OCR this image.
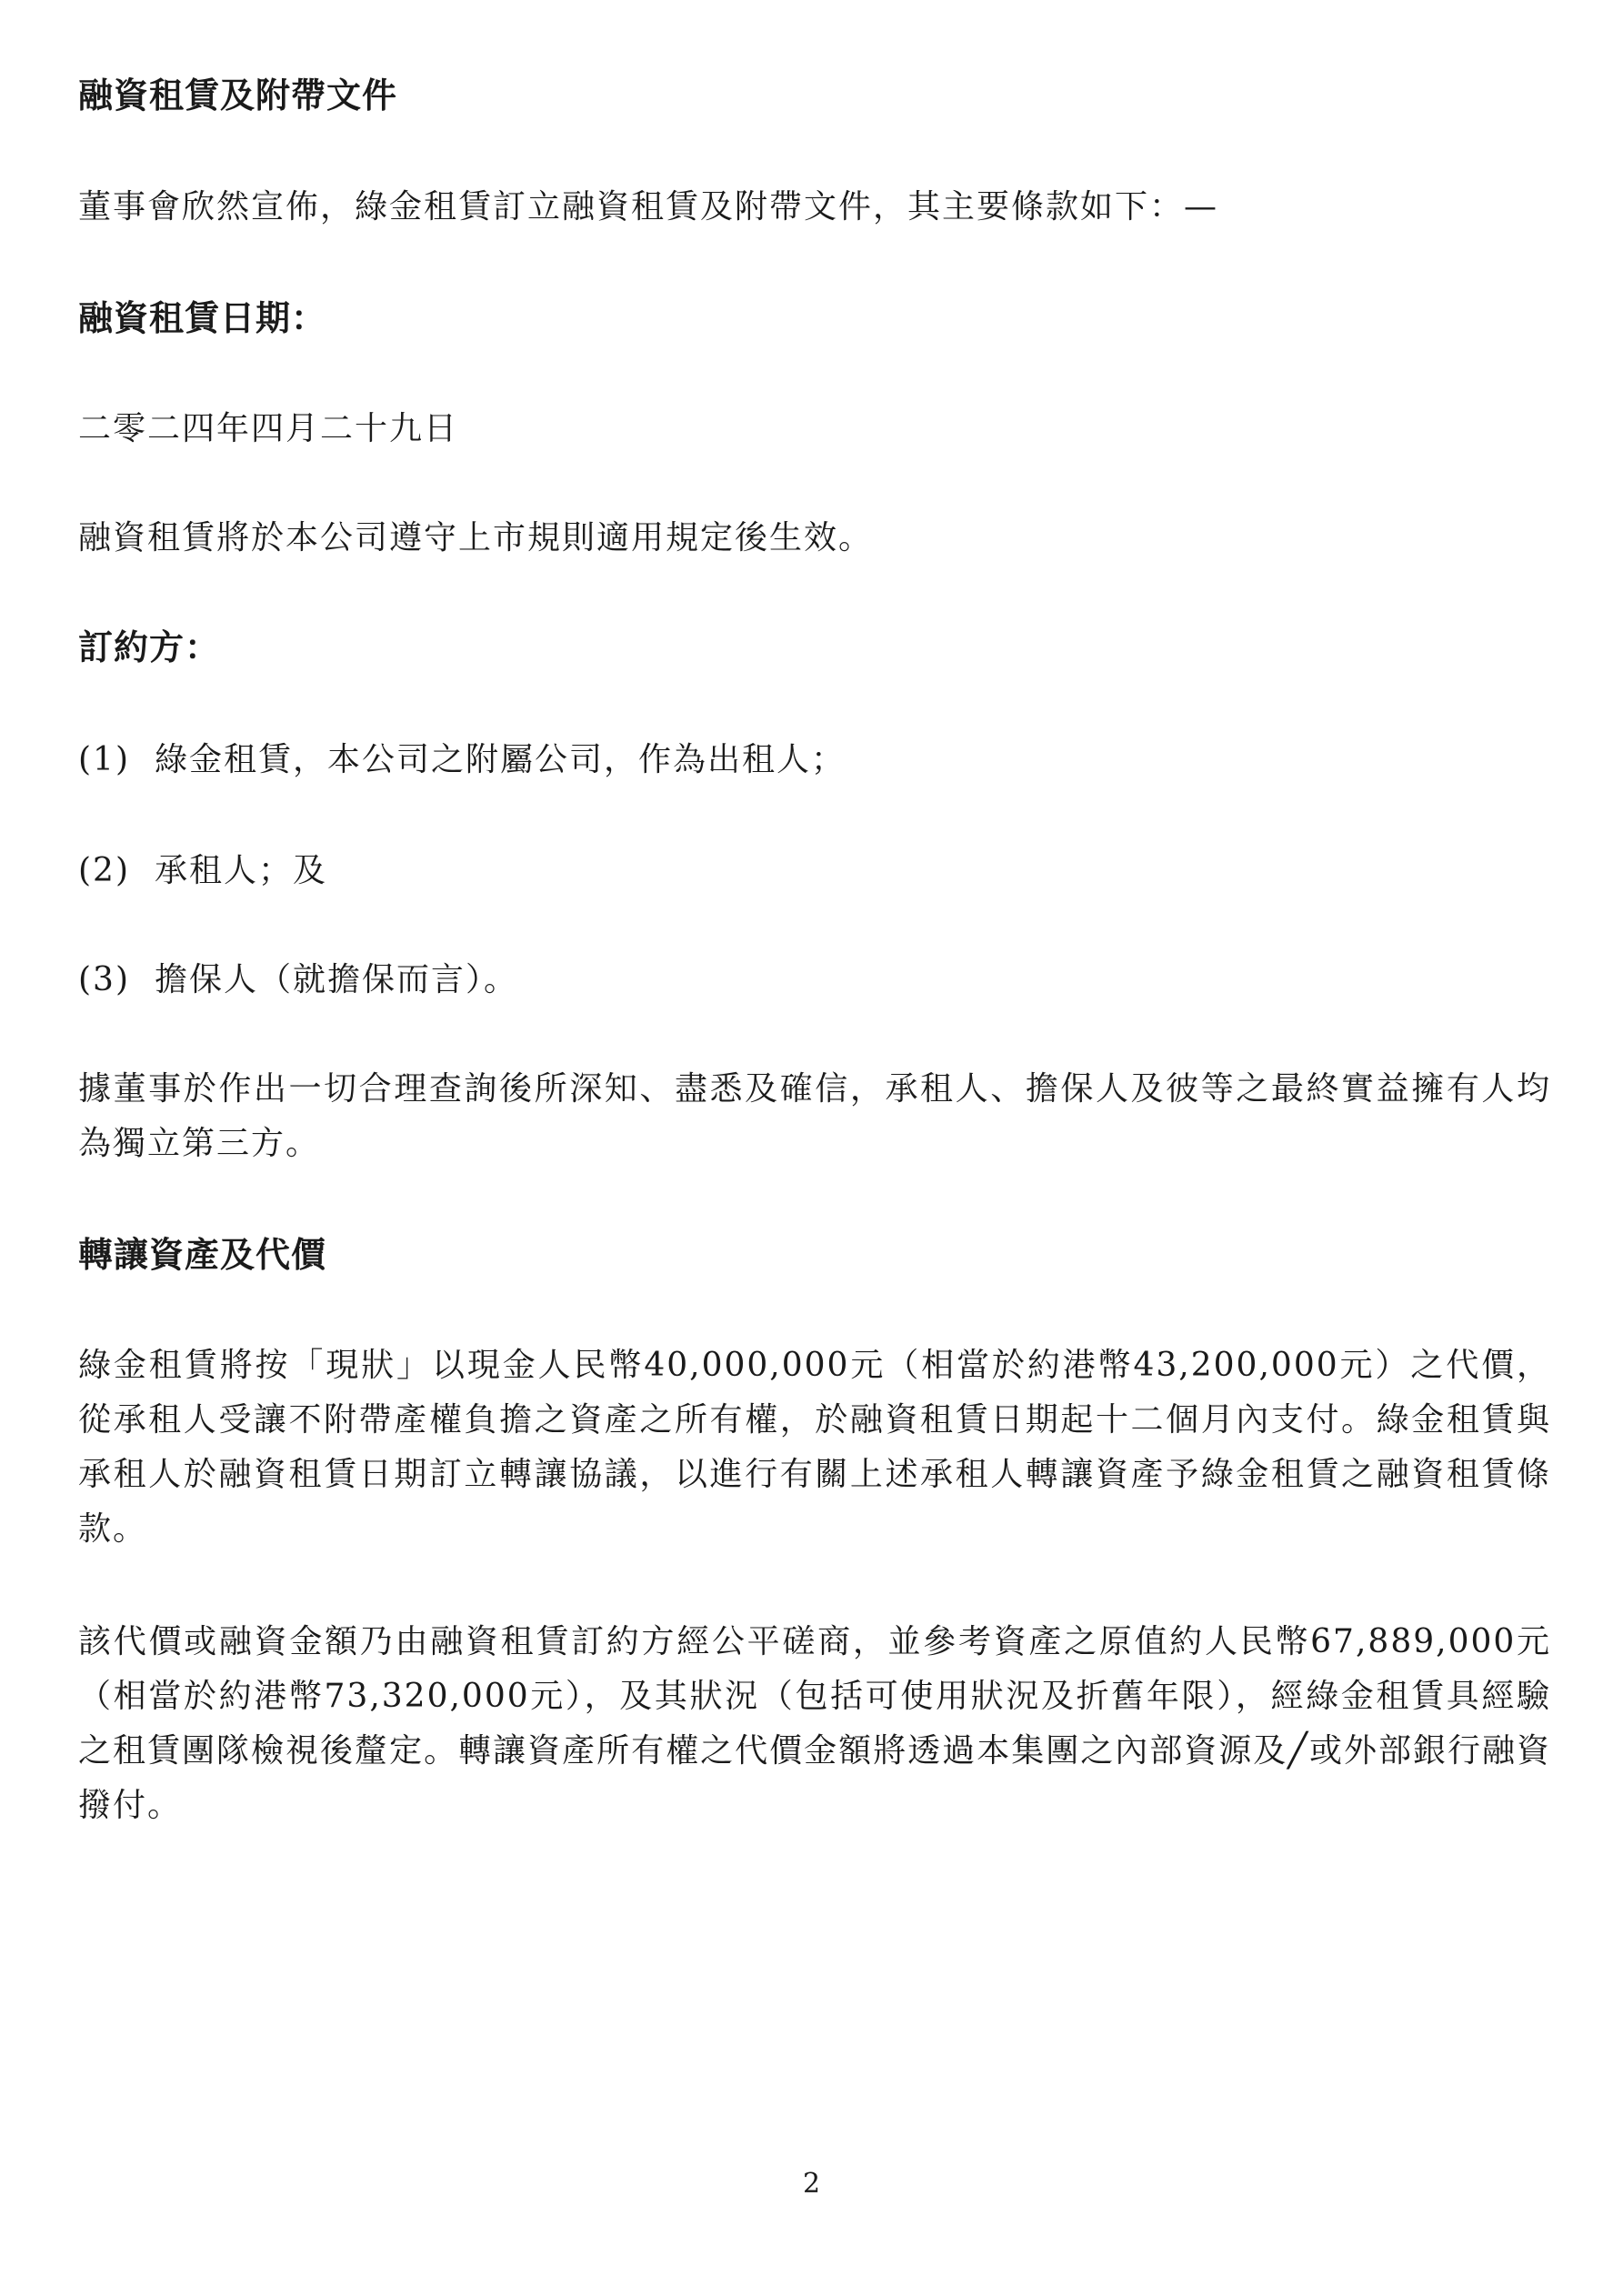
融資租賃及附帶文件

董事會欣然宣佈，綠金租賃訂立融資租賃及附帶文件，其主要條款如下：—

融資租賃日期：

二零二四年四月二十九日

融資租賃將於本公司遵守上市規則適用規定後生效。

訂約方：
(1) 綠金租賃，本公司之附屬公司，作為出租人；
(2) 承租人；及
(3) 擔保人（就擔保而言）。

據董事於作出一切合理查詢後所深知、盡悉及確信，承租人、擔保人及彼等之最終實益擁有人均為獨立第三方。

轉讓資產及代價

綠金租賃將按「現狀」以現金人民幣40,000,000元（相當於約港幣43,200,000元）之代價，從承租人受讓不附帶產權負擔之資產之所有權，於融資租賃日期起十二個月內支付。綠金租賃與承租人於融資租賃日期訂立轉讓協議，以進行有關上述承租人轉讓資產予綠金租賃之融資租賃條款。

該代價或融資金額乃由融資租賃訂約方經公平磋商，並參考資產之原值約人民幣67,889,000元（相當於約港幣73,320,000元），及其狀況（包括可使用狀況及折舊年限），經綠金租賃具經驗之租賃團隊檢視後釐定。轉讓資產所有權之代價金額將透過本集團之內部資源及╱或外部銀行融資撥付。

2
